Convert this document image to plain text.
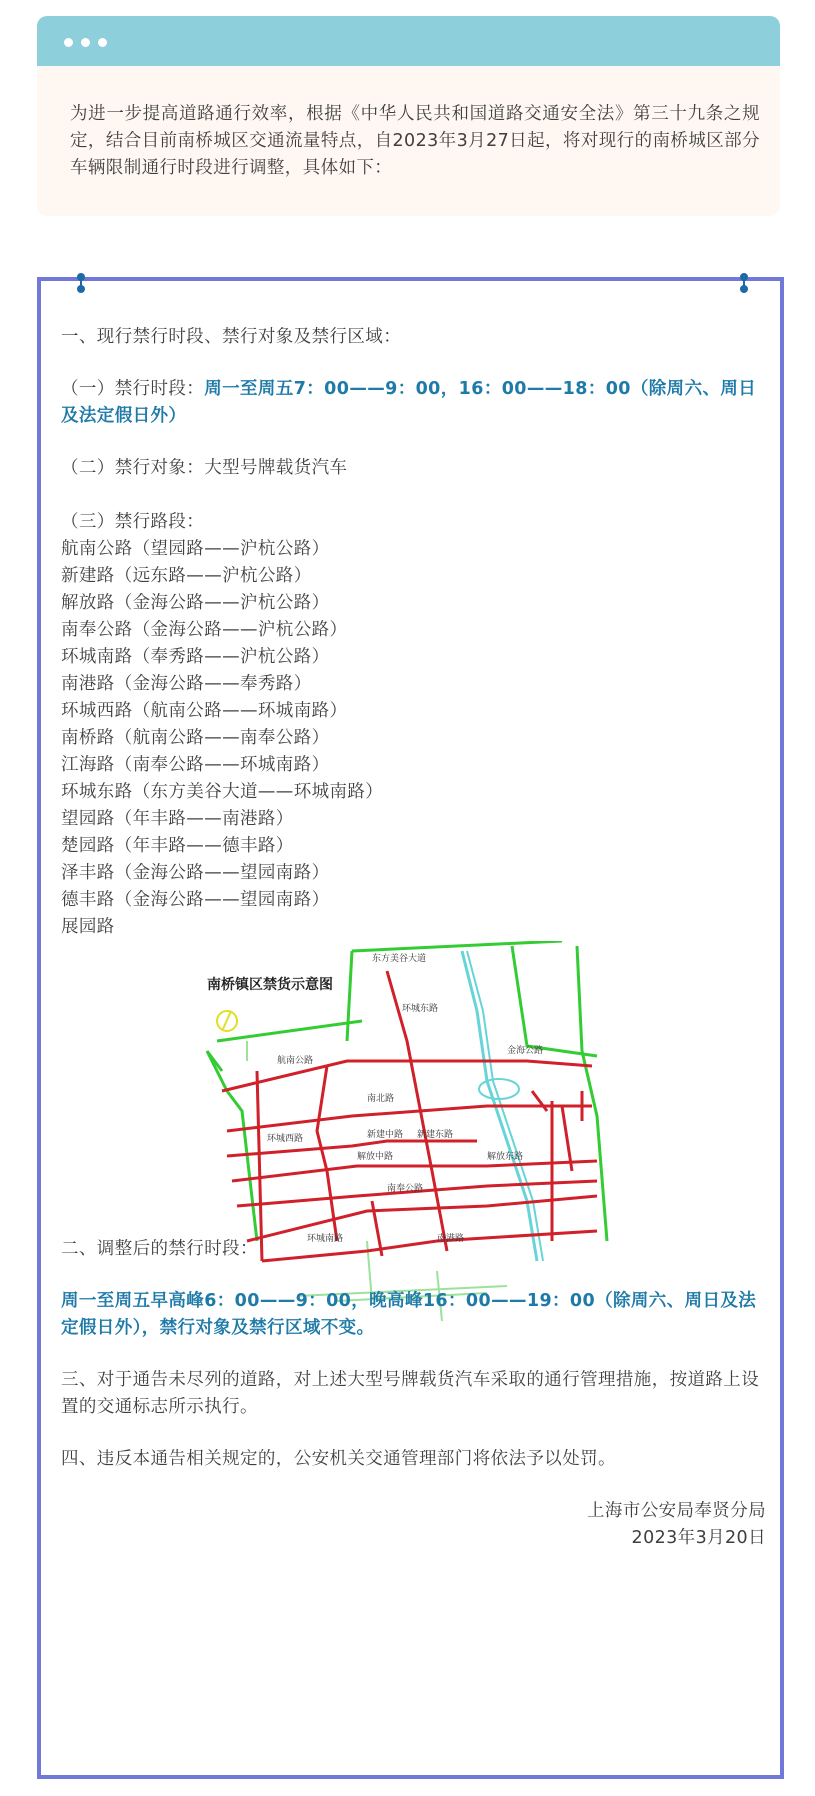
为进一步提高道路通行效率，根据《中华人民共和国道路交通安全法》第三十九条之规定，结合目前南桥城区交通流量特点，自2023年3月27日起，将对现行的南桥城区部分车辆限制通行时段进行调整，具体如下：
一、现行禁行时段、禁行对象及禁行区域：
（一）禁行时段：周一至周五7：00——9：00，16：00——18：00（除周六、周日及法定假日外）
（二）禁行对象：大型号牌载货汽车
（三）禁行路段：
航南公路（望园路——沪杭公路）
新建路（远东路——沪杭公路）
解放路（金海公路——沪杭公路）
南奉公路（金海公路——沪杭公路）
环城南路（奉秀路——沪杭公路）
南港路（金海公路——奉秀路）
环城西路（航南公路——环城南路）
南桥路（航南公路——南奉公路）
江海路（南奉公路——环城南路）
环城东路（东方美谷大道——环城南路）
望园路（年丰路——南港路）
楚园路（年丰路——德丰路）
泽丰路（金海公路——望园南路）
德丰路（金海公路——望园南路）
展园路
南桥镇区禁货示意图
东方美谷大道
航南公路
金海公路
南北路
新建中路 新建东路
解放中路	解放东路
南奉公路
环城南路	南港路
环城西路
环城东路
二、调整后的禁行时段：
周一至周五早高峰6：00——9：00，晚高峰16：00——19：00（除周六、周日及法定假日外），禁行对象及禁行区域不变。
三、对于通告未尽列的道路，对上述大型号牌载货汽车采取的通行管理措施，按道路上设置的交通标志所示执行。
四、违反本通告相关规定的，公安机关交通管理部门将依法予以处罚。
上海市公安局奉贤分局
2023年3月20日
